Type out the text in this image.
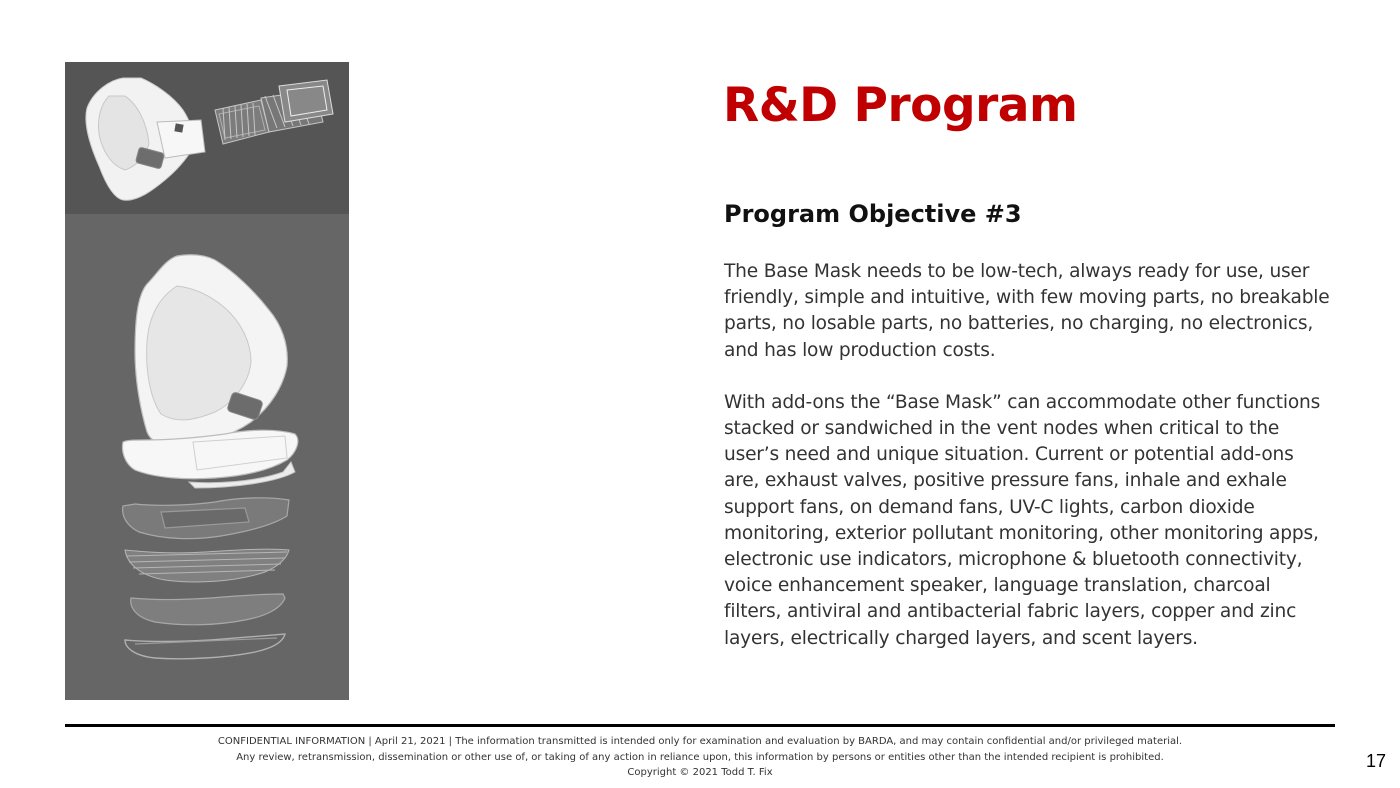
R&D Program
Program Objective #3

The Base Mask needs to be low-tech, always ready for use, user friendly, simple and intuitive, with few moving parts, no breakable parts, no losable parts, no batteries, no charging, no electronics, and has low production costs.

With add-ons the “Base Mask” can accommodate other functions stacked or sandwiched in the vent nodes when critical to the user’s need and unique situation. Current or potential add-ons are, exhaust valves, positive pressure fans, inhale and exhale support fans, on demand fans, UV-C lights, carbon dioxide monitoring, exterior pollutant monitoring, other monitoring apps, electronic use indicators, microphone & bluetooth connectivity, voice enhancement speaker, language translation, charcoal filters, antiviral and antibacterial fabric layers, copper and zinc layers, electrically charged layers, and scent layers.

CONFIDENTIAL INFORMATION | April 21, 2021 | The information transmitted is intended only for examination and evaluation by BARDA, and may contain confidential and/or privileged material.
Any review, retransmission, dissemination or other use of, or taking of any action in reliance upon, this information by persons or entities other than the intended recipient is prohibited.
Copyright © 2021 Todd T. Fix
17
